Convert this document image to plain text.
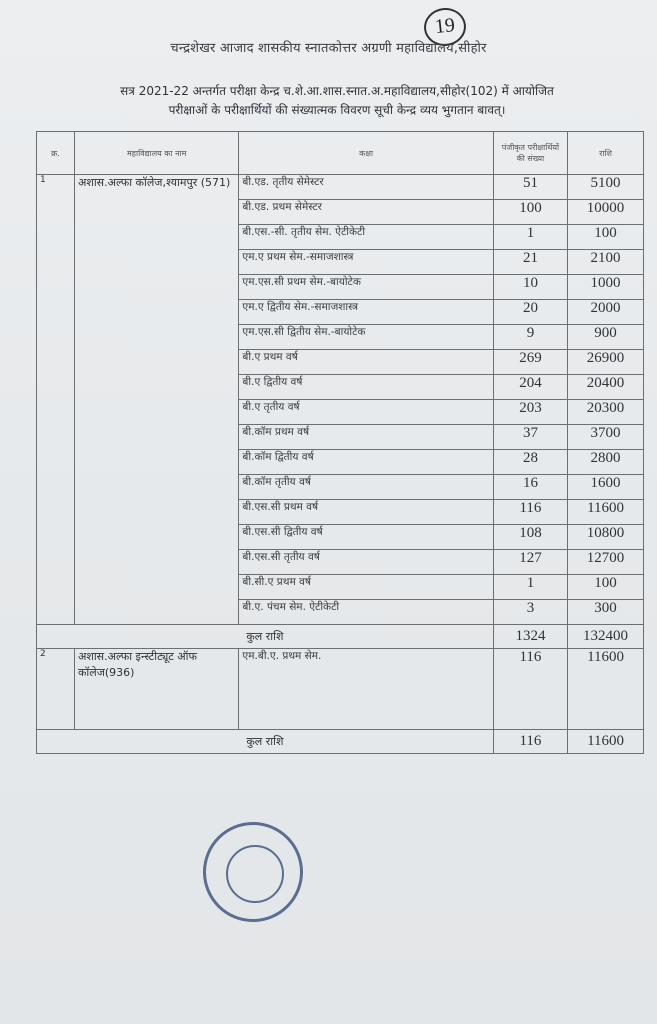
19
चन्द्रशेखर आजाद शासकीय स्नातकोत्तर अग्रणी महाविद्यालय,सीहोर
सत्र 2021-22 अन्तर्गत परीक्षा केन्द्र च.शे.आ.शास.स्नात.अ.महाविद्यालय,सीहोर(102) में आयोजित
परीक्षाओं के परीक्षार्थियों की संख्यात्मक विवरण सूची केन्द्र व्यय भुगतान बावत्।
क्र.	महाविद्यालय का नाम	कक्षा	पंजीकृत परीक्षार्थियों की संख्या	राशि
1	अशास.अल्फा कॉलेज,श्यामपुर (571)	बी.एड. तृतीय सेमेस्टर	51	5100
		बी.एड. प्रथम सेमेस्टर	100	10000
		बी.एस.-सी. तृतीय सेम. ऐटीकेटी	1	100
		एम.ए प्रथम सेम.-समाजशास्त्र	21	2100
		एम.एस.सी प्रथम सेम.-बायोटेक	10	1000
		एम.ए द्वितीय सेम.-समाजशास्त्र	20	2000
		एम.एस.सी द्वितीय सेम.-बायोटेक	9	900
		बी.ए प्रथम वर्ष	269	26900
		बी.ए द्वितीय वर्ष	204	20400
		बी.ए तृतीय वर्ष	203	20300
		बी.कॉम प्रथम वर्ष	37	3700
		बी.कॉम द्वितीय वर्ष	28	2800
		बी.कॉम तृतीय वर्ष	16	1600
		बी.एस.सी प्रथम वर्ष	116	11600
		बी.एस.सी द्वितीय वर्ष	108	10800
		बी.एस.सी तृतीय वर्ष	127	12700
		बी.सी.ए प्रथम वर्ष	1	100
		बी.ए. पंचम सेम. ऐटीकेटी	3	300
कुल राशि			1324	132400
2	अशास.अल्फा इन्स्टीट्यूट ऑफ कॉलेज(936)	एम.बी.ए. प्रथम सेम.	116	11600
कुल राशि			116	11600
